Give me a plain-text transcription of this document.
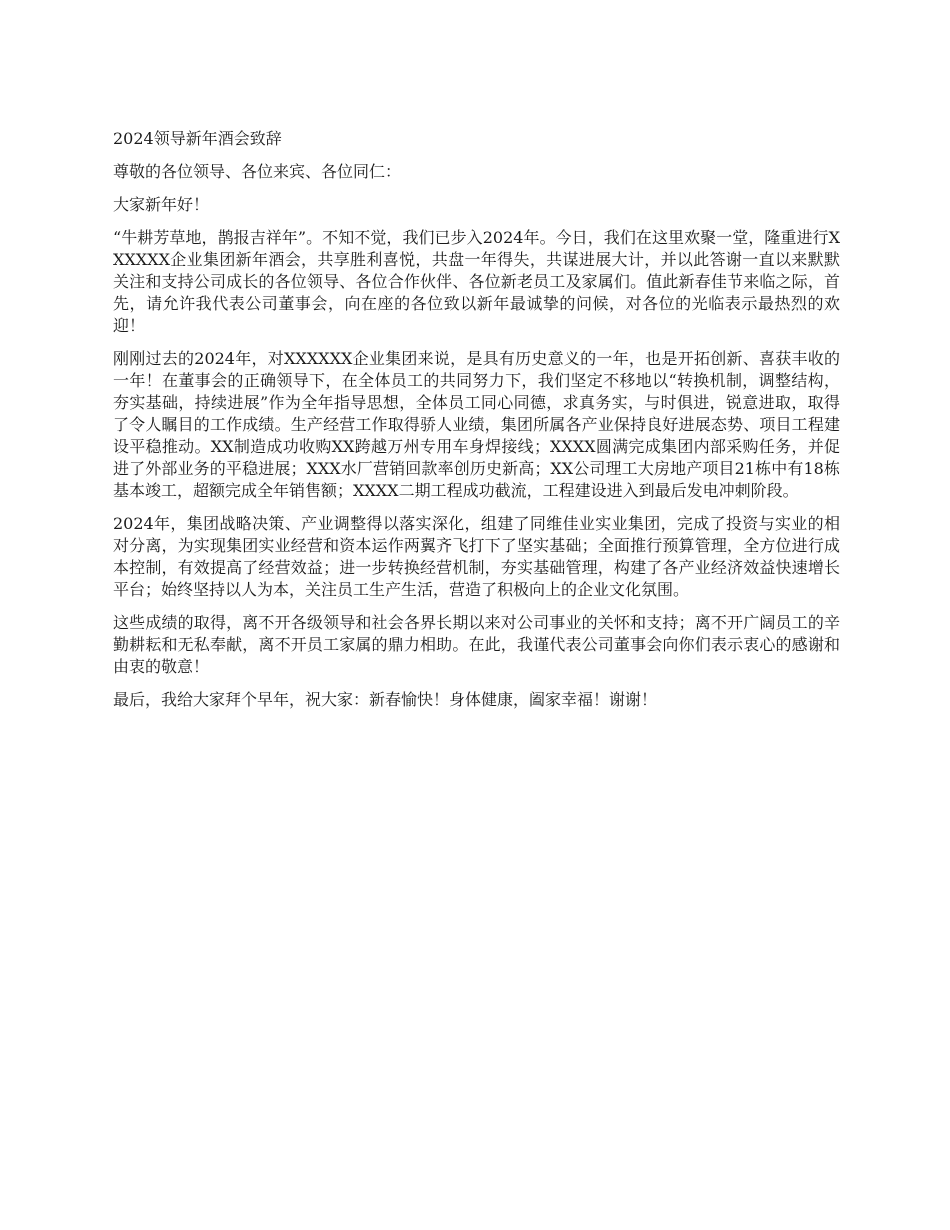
2024领导新年酒会致辞

尊敬的各位领导、各位来宾、各位同仁：

大家新年好！

“牛耕芳草地，鹊报吉祥年”。不知不觉，我们已步入2024年。今日，我们在这里欢聚一堂，隆重进行XXXXXX企业集团新年酒会，共享胜利喜悦，共盘一年得失，共谋进展大计，并以此答谢一直以来默默关注和支持公司成长的各位领导、各位合作伙伴、各位新老员工及家属们。值此新春佳节来临之际，首先，请允许我代表公司董事会，向在座的各位致以新年最诚挚的问候，对各位的光临表示最热烈的欢迎！

刚刚过去的2024年，对XXXXXX企业集团来说，是具有历史意义的一年，也是开拓创新、喜获丰收的一年！在董事会的正确领导下，在全体员工的共同努力下，我们坚定不移地以“转换机制，调整结构，夯实基础，持续进展”作为全年指导思想，全体员工同心同德，求真务实，与时俱进，锐意进取，取得了令人瞩目的工作成绩。生产经营工作取得骄人业绩，集团所属各产业保持良好进展态势、项目工程建设平稳推动。XX制造成功收购XX跨越万州专用车身焊接线；XXXX圆满完成集团内部采购任务，并促进了外部业务的平稳进展；XXX水厂营销回款率创历史新高；XX公司理工大房地产项目21栋中有18栋基本竣工，超额完成全年销售额；XXXX二期工程成功截流，工程建设进入到最后发电冲刺阶段。

2024年，集团战略决策、产业调整得以落实深化，组建了同维佳业实业集团，完成了投资与实业的相对分离，为实现集团实业经营和资本运作两翼齐飞打下了坚实基础；全面推行预算管理，全方位进行成本控制，有效提高了经营效益；进一步转换经营机制，夯实基础管理，构建了各产业经济效益快速增长平台；始终坚持以人为本，关注员工生产生活，营造了积极向上的企业文化氛围。

这些成绩的取得，离不开各级领导和社会各界长期以来对公司事业的关怀和支持；离不开广阔员工的辛勤耕耘和无私奉献，离不开员工家属的鼎力相助。在此，我谨代表公司董事会向你们表示衷心的感谢和由衷的敬意！

最后，我给大家拜个早年，祝大家：新春愉快！身体健康，阖家幸福！谢谢！
